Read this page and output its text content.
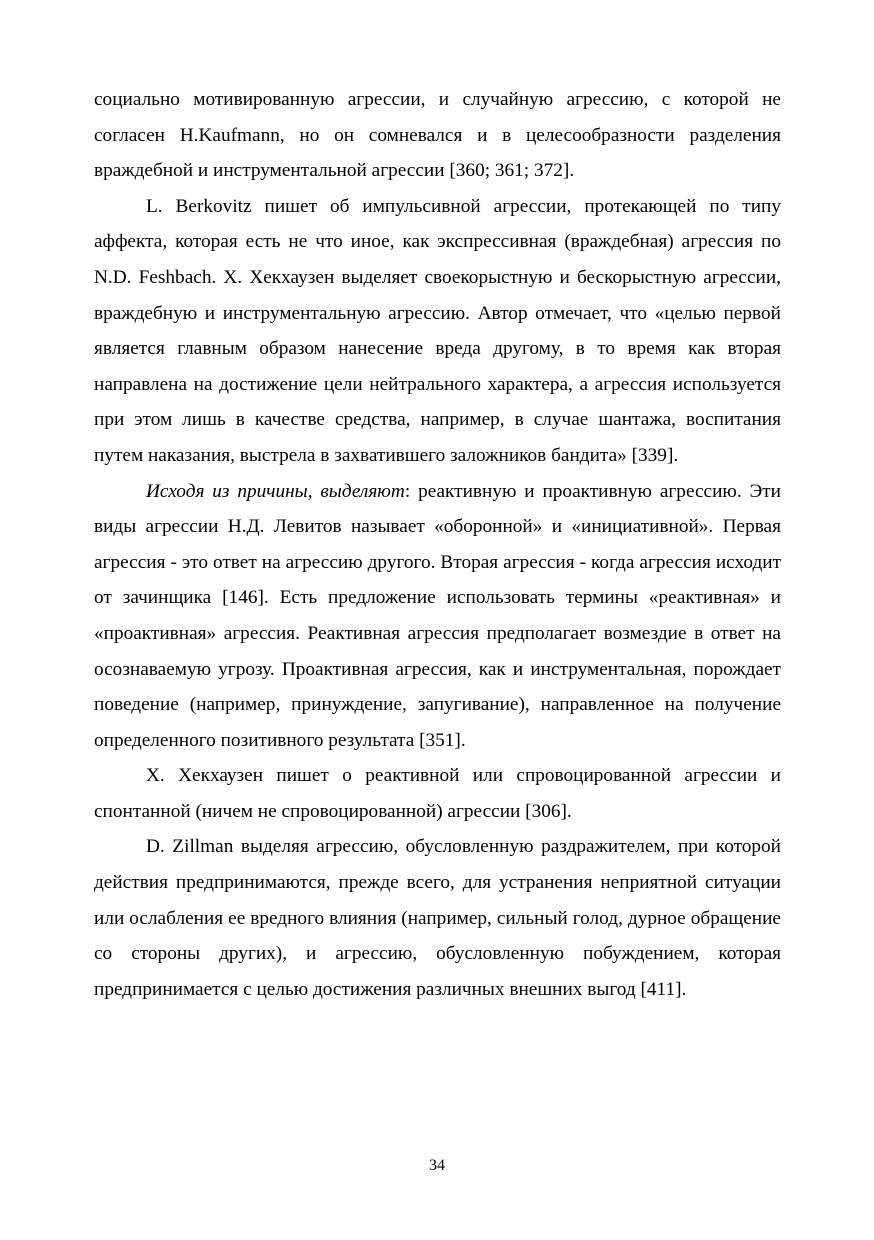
социально мотивированную агрессии, и случайную агрессию, с которой не согласен H.Kaufmann, но он сомневался и в целесообразности разделения враждебной и инструментальной агрессии [360; 361; 372].

L. Berkovitz пишет об импульсивной агрессии, протекающей по типу аффекта, которая есть не что иное, как экспрессивная (враждебная) агрессия по N.D. Feshbach. X. Хекхаузен выделяет своекорыстную и бескорыстную агрессии, враждебную и инструментальную агрессию. Автор отмечает, что «целью первой является главным образом нанесение вреда другому, в то время как вторая направлена на достижение цели нейтрального характера, а агрессия используется при этом лишь в качестве средства, например, в случае шантажа, воспитания путем наказания, выстрела в захватившего заложников бандита» [339].

Исходя из причины, выделяют: реактивную и проактивную агрессию. Эти виды агрессии Н.Д. Левитов называет «оборонной» и «инициативной». Первая агрессия - это ответ на агрессию другого. Вторая агрессия - когда агрессия исходит от зачинщика [146]. Есть предложение использовать термины «реактивная» и «проактивная» агрессия. Реактивная агрессия предполагает возмездие в ответ на осознаваемую угрозу. Проактивная агрессия, как и инструментальная, порождает поведение (например, принуждение, запугивание), направленное на получение определенного позитивного результата [351].

X. Хекхаузен пишет о реактивной или спровоцированной агрессии и спонтанной (ничем не спровоцированной) агрессии [306].

D. Zillman выделяя агрессию, обусловленную раздражителем, при которой действия предпринимаются, прежде всего, для устранения неприятной ситуации или ослабления ее вредного влияния (например, сильный голод, дурное обращение со стороны других), и агрессию, обусловленную побуждением, которая предпринимается с целью достижения различных внешних выгод [411].

34
